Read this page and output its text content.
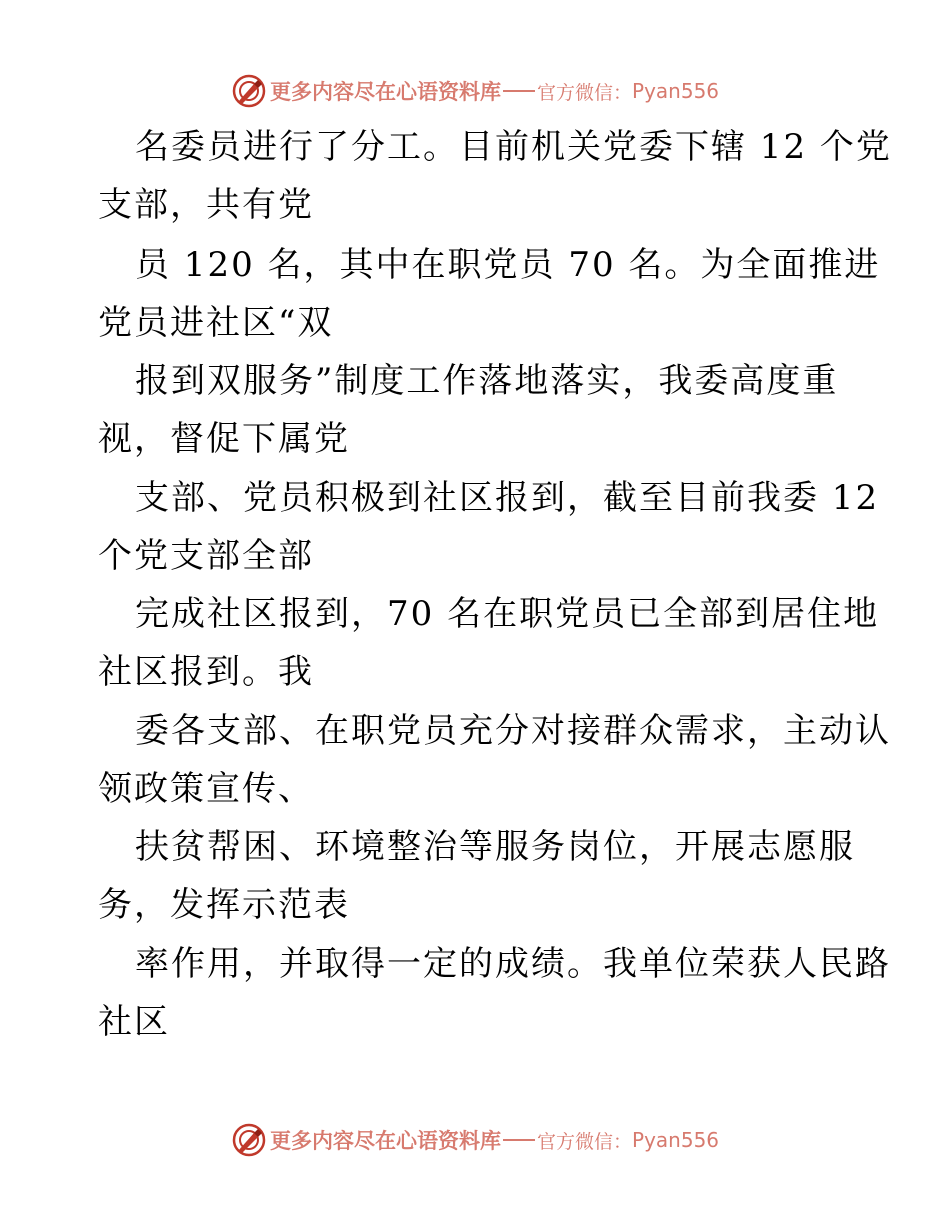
更多内容尽在心语资料库 官方微信： Pyan556
名委员进行了分工。目前机关党委下辖 12 个党
支部，共有党
员 120 名，其中在职党员 70 名。为全面推进
党员进社区“双
报到双服务”制度工作落地落实，我委高度重
视，督促下属党
支部、党员积极到社区报到，截至目前我委 12
个党支部全部
完成社区报到，70 名在职党员已全部到居住地
社区报到。我
委各支部、在职党员充分对接群众需求，主动认
领政策宣传、
扶贫帮困、环境整治等服务岗位，开展志愿服
务，发挥示范表
率作用，并取得一定的成绩。我单位荣获人民路
社区
更多内容尽在心语资料库 官方微信： Pyan556
